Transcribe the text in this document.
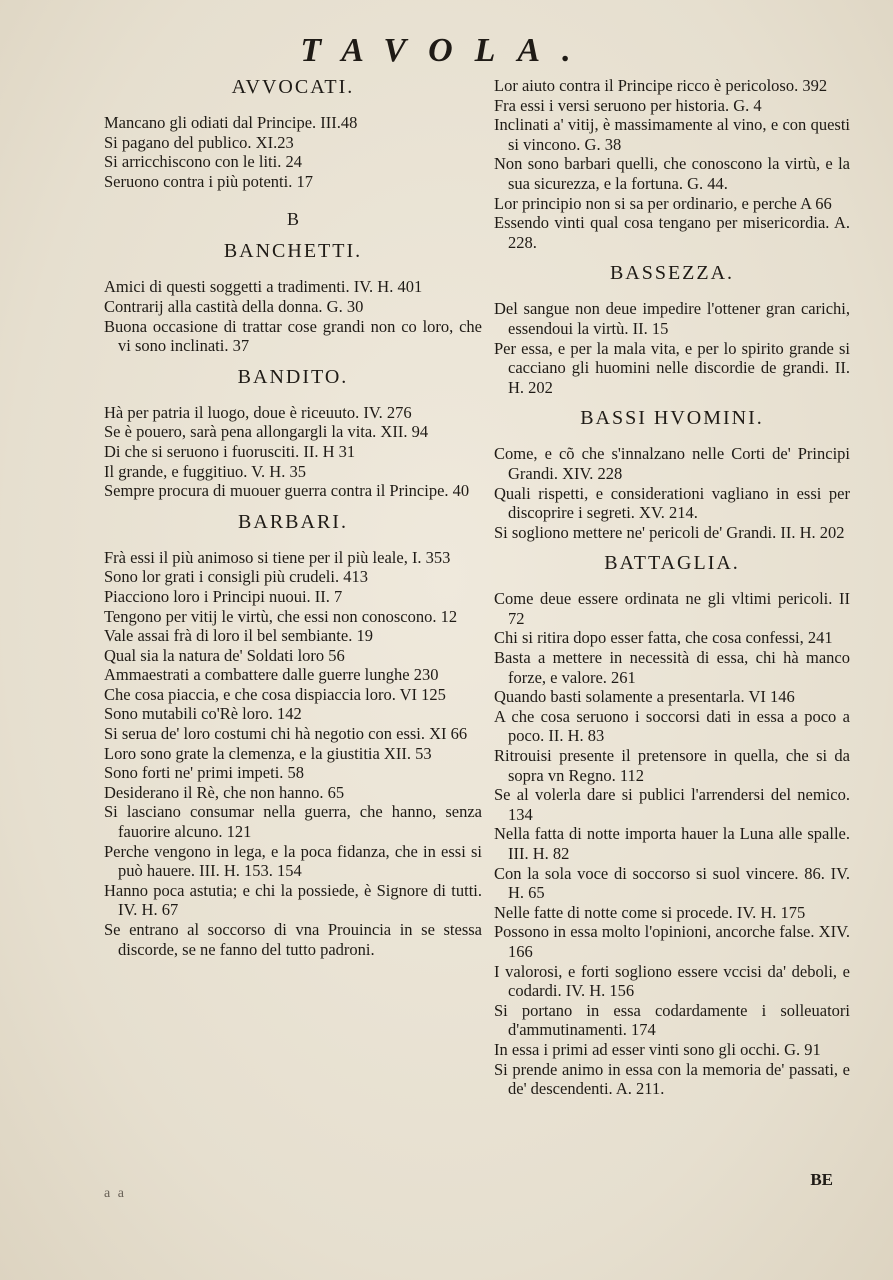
TAVOLA.
AVVOCATI.
Mancano gli odiati dal Principe. III.48
Si pagano del publico. XI.23
Si arricchiscono con le liti. 24
Seruono contra i più potenti. 17
B
BANCHETTI.
Amici di questi soggetti a tradimenti. IV. H. 401
Contrarij alla castità della donna. G. 30
Buona occasione di trattar cose grandi non co loro, che vi sono inclinati. 37
BANDITO.
Hà per patria il luogo, doue è riceuuto. IV. 276
Se è pouero, sarà pena allongargli la vita. XII. 94
Di che si seruono i fuorusciti. II. H 31
Il grande, e fuggitiuo. V. H. 35
Sempre procura di muouer guerra contra il Principe. 40
BARBARI.
Frà essi il più animoso si tiene per il più leale, I. 353
Sono lor grati i consigli più crudeli. 413
Piacciono loro i Principi nuoui. II. 7
Tengono per vitij le virtù, che essi non conoscono. 12
Vale assai frà di loro il bel sembiante. 19
Qual sia la natura de' Soldati loro 56
Ammaestrati a combattere dalle guerre lunghe 230
Che cosa piaccia, e che cosa dispiaccia loro. VI 125
Sono mutabili co'Rè loro. 142
Si serua de' loro costumi chi hà negotio con essi. XI 66
Loro sono grate la clemenza, e la giustitia XII. 53
Sono forti ne' primi impeti. 58
Desiderano il Rè, che non hanno. 65
Si lasciano consumar nella guerra, che hanno, senza fauorire alcuno. 121
Perche vengono in lega, e la poca fidanza, che in essi si può hauere. III. H. 153. 154
Hanno poca astutia; e chi la possiede, è Signore di tutti. IV. H. 67
Se entrano al soccorso di vna Prouincia in se stessa discorde, se ne fanno del tutto padroni.
Lor aiuto contra il Principe ricco è pericoloso. 392
Fra essi i versi seruono per historia. G. 4
Inclinati a' vitij, è massimamente al vino, e con questi si vincono. G. 38
Non sono barbari quelli, che conoscono la virtù, e la sua sicurezza, e la fortuna. G. 44.
Lor principio non si sa per ordinario, e perche A 66
Essendo vinti qual cosa tengano per misericordia. A. 228.
BASSEZZA.
Del sangue non deue impedire l'ottener gran carichi, essendoui la virtù. II. 15
Per essa, e per la mala vita, e per lo spirito grande si cacciano gli huomini nelle discordie de grandi. II. H. 202
BASSI HVOMINI.
Come, e cõ che s'innalzano nelle Corti de' Principi Grandi. XIV. 228
Quali rispetti, e considerationi vagliano in essi per discoprire i segreti. XV. 214.
Si sogliono mettere ne' pericoli de' Grandi. II. H. 202
BATTAGLIA.
Come deue essere ordinata ne gli vltimi pericoli. II 72
Chi si ritira dopo esser fatta, che cosa confessi, 241
Basta a mettere in necessità di essa, chi hà manco forze, e valore. 261
Quando basti solamente a presentarla. VI 146
A che cosa seruono i soccorsi dati in essa a poco a poco. II. H. 83
Ritrouisi presente il pretensore in quella, che si da sopra vn Regno. 112
Se al volerla dare si publici l'arrendersi del nemico. 134
Nella fatta di notte importa hauer la Luna alle spalle. III. H. 82
Con la sola voce di soccorso si suol vincere. 86. IV. H. 65
Nelle fatte di notte come si procede. IV. H. 175
Possono in essa molto l'opinioni, ancorche false. XIV. 166
I valorosi, e forti sogliono essere vccisi da' deboli, e codardi. IV. H. 156
Si portano in essa codardamente i solleuatori d'ammutinamenti. 174
In essa i primi ad esser vinti sono gli occhi. G. 91
Si prende animo in essa con la memoria de' passati, e de' descendenti. A. 211.
a a
BE
